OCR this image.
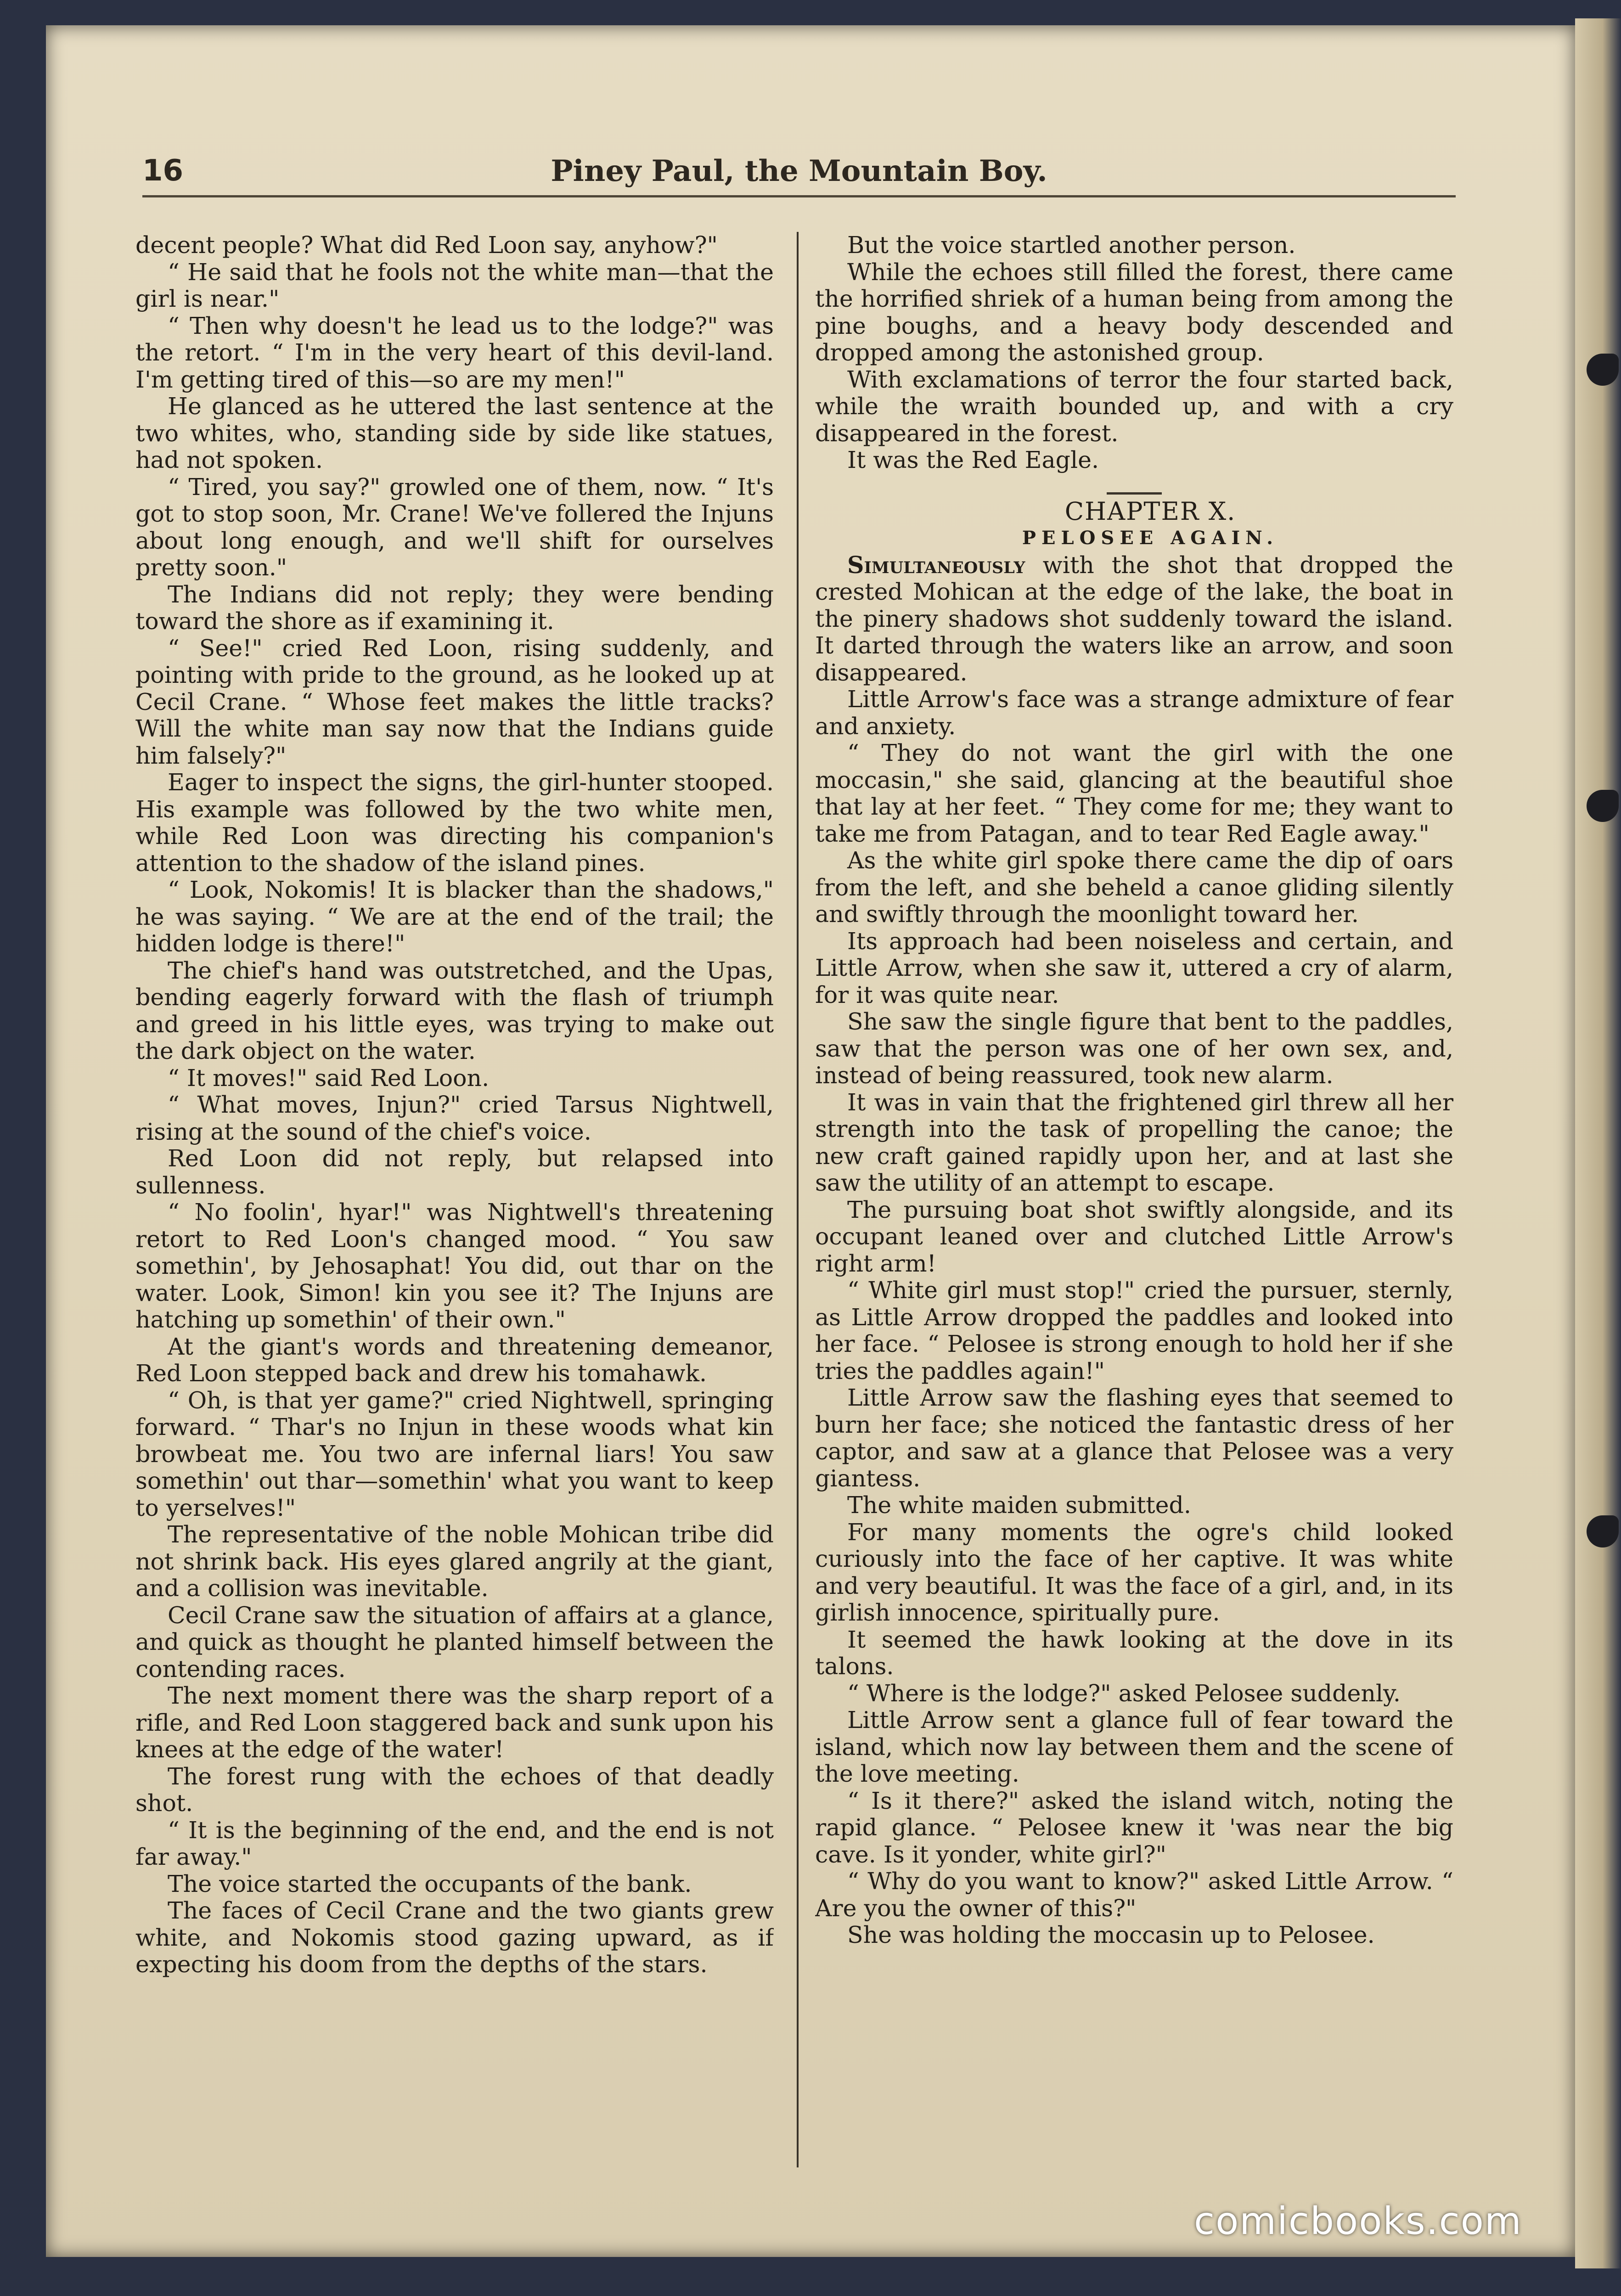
16	Piney Paul, the Mountain Boy.

decent people? What did Red Loon say, anyhow?"

“ He said that he fools not the white man—that the girl is near."

“ Then why doesn't he lead us to the lodge?" was the retort. “ I'm in the very heart of this devil-land. I'm getting tired of this—so are my men!"

He glanced as he uttered the last sentence at the two whites, who, standing side by side like statues, had not spoken.

“ Tired, you say?" growled one of them, now. “ It's got to stop soon, Mr. Crane! We've follered the Injuns about long enough, and we'll shift for ourselves pretty soon."

The Indians did not reply; they were bending toward the shore as if examining it.

“ See!" cried Red Loon, rising suddenly, and pointing with pride to the ground, as he looked up at Cecil Crane. “ Whose feet makes the little tracks? Will the white man say now that the Indians guide him falsely?"

Eager to inspect the signs, the girl-hunter stooped. His example was followed by the two white men, while Red Loon was directing his companion's attention to the shadow of the island pines.

“ Look, Nokomis! It is blacker than the shadows," he was saying. “ We are at the end of the trail; the hidden lodge is there!"

The chief's hand was outstretched, and the Upas, bending eagerly forward with the flash of triumph and greed in his little eyes, was trying to make out the dark object on the water.

“ It moves!" said Red Loon.

“ What moves, Injun?" cried Tarsus Nightwell, rising at the sound of the chief's voice.

Red Loon did not reply, but relapsed into sullenness.

“ No foolin', hyar!" was Nightwell's threatening retort to Red Loon's changed mood. “ You saw somethin', by Jehosaphat! You did, out thar on the water. Look, Simon! kin you see it? The Injuns are hatching up somethin' of their own."

At the giant's words and threatening demeanor, Red Loon stepped back and drew his tomahawk.

“ Oh, is that yer game?" cried Nightwell, springing forward. “ Thar's no Injun in these woods what kin browbeat me. You two are infernal liars! You saw somethin' out thar—somethin' what you want to keep to yerselves!"

The representative of the noble Mohican tribe did not shrink back. His eyes glared angrily at the giant, and a collision was inevitable.

Cecil Crane saw the situation of affairs at a glance, and quick as thought he planted himself between the contending races.

The next moment there was the sharp report of a rifle, and Red Loon staggered back and sunk upon his knees at the edge of the water!

The forest rung with the echoes of that deadly shot.

“ It is the beginning of the end, and the end is not far away."

The voice started the occupants of the bank.

The faces of Cecil Crane and the two giants grew white, and Nokomis stood gazing upward, as if expecting his doom from the depths of the stars.

But the voice startled another person.

While the echoes still filled the forest, there came the horrified shriek of a human being from among the pine boughs, and a heavy body descended and dropped among the astonished group.

With exclamations of terror the four started back, while the wraith bounded up, and with a cry disappeared in the forest.

It was the Red Eagle.

CHAPTER X.

PELOSEE AGAIN.

Simultaneously with the shot that dropped the crested Mohican at the edge of the lake, the boat in the pinery shadows shot suddenly toward the island. It darted through the waters like an arrow, and soon disappeared.

Little Arrow's face was a strange admixture of fear and anxiety.

“ They do not want the girl with the one moccasin," she said, glancing at the beautiful shoe that lay at her feet. “ They come for me; they want to take me from Patagan, and to tear Red Eagle away."

As the white girl spoke there came the dip of oars from the left, and she beheld a canoe gliding silently and swiftly through the moonlight toward her.

Its approach had been noiseless and certain, and Little Arrow, when she saw it, uttered a cry of alarm, for it was quite near.

She saw the single figure that bent to the paddles, saw that the person was one of her own sex, and, instead of being reassured, took new alarm.

It was in vain that the frightened girl threw all her strength into the task of propelling the canoe; the new craft gained rapidly upon her, and at last she saw the utility of an attempt to escape.

The pursuing boat shot swiftly alongside, and its occupant leaned over and clutched Little Arrow's right arm!

“ White girl must stop!" cried the pursuer, sternly, as Little Arrow dropped the paddles and looked into her face. “ Pelosee is strong enough to hold her if she tries the paddles again!"

Little Arrow saw the flashing eyes that seemed to burn her face; she noticed the fantastic dress of her captor, and saw at a glance that Pelosee was a very giantess.

The white maiden submitted.

For many moments the ogre's child looked curiously into the face of her captive. It was white and very beautiful. It was the face of a girl, and, in its girlish innocence, spiritually pure.

It seemed the hawk looking at the dove in its talons.

“ Where is the lodge?" asked Pelosee suddenly.

Little Arrow sent a glance full of fear toward the island, which now lay between them and the scene of the love meeting.

“ Is it there?" asked the island witch, noting the rapid glance. “ Pelosee knew it 'was near the big cave. Is it yonder, white girl?"

“ Why do you want to know?" asked Little Arrow. “ Are you the owner of this?"

She was holding the moccasin up to Pelosee.

comicbooks.com
